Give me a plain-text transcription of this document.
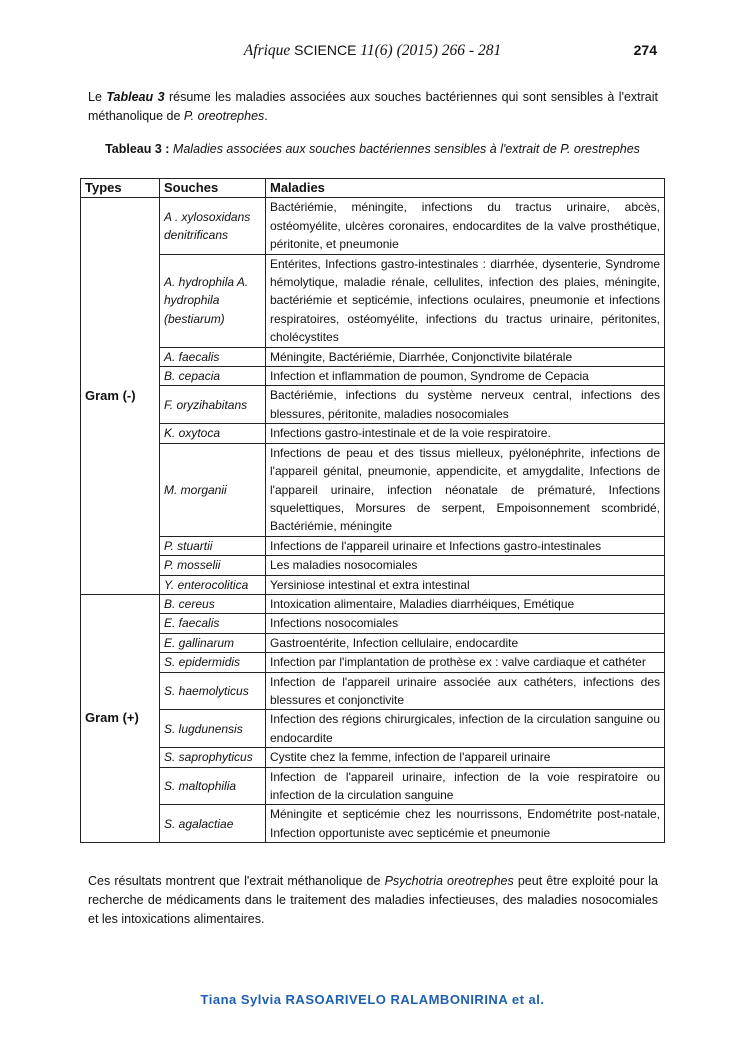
Afrique SCIENCE 11(6) (2015) 266 - 281	274

Le Tableau 3 résume les maladies associées aux souches bactériennes qui sont sensibles à l'extrait méthanolique de P. oreotrephes.

Tableau 3 : Maladies associées aux souches bactériennes sensibles à l'extrait de P. orestrephes
Types	Souches	Maladies
Gram (-)	A . xylosoxidans denitrificans	Bactériémie, méningite, infections du tractus urinaire, abcès, ostéomyélite, ulcères coronaires, endocardites de la valve prosthétique, péritonite, et pneumonie
	A. hydrophila A. hydrophila (bestiarum)	Entérites, Infections gastro-intestinales : diarrhée, dysenterie, Syndrome hémolytique, maladie rénale, cellulites, infection des plaies, méningite, bactériémie et septicémie, infections oculaires, pneumonie et infections respiratoires, ostéomyélite, infections du tractus urinaire, péritonites, cholécystites
	A. faecalis	Méningite, Bactériémie, Diarrhée, Conjonctivite bilatérale
	B. cepacia	Infection et inflammation de poumon, Syndrome de Cepacia
	F. oryzihabitans	Bactériémie, infections du système nerveux central, infections des blessures, péritonite, maladies nosocomiales
	K. oxytoca	Infections gastro-intestinale et de la voie respiratoire.
	M. morganii	Infections de peau et des tissus mielleux, pyélonéphrite, infections de l'appareil génital, pneumonie, appendicite, et amygdalite, Infections de l'appareil urinaire, infection néonatale de prématuré, Infections squelettiques, Morsures de serpent, Empoisonnement scombridé, Bactériémie, méningite
	P. stuartii	Infections de l'appareil urinaire et Infections gastro-intestinales
	P. mosselii	Les maladies nosocomiales
	Y. enterocolitica	Yersiniose intestinal et extra intestinal
Gram (+)	B. cereus	Intoxication alimentaire, Maladies diarrhéiques, Emétique
	E. faecalis	Infections nosocomiales
	E. gallinarum	Gastroentérite, Infection cellulaire, endocardite
	S. epidermidis	Infection par l'implantation de prothèse ex : valve cardiaque et cathéter
	S. haemolyticus	Infection de l'appareil urinaire associée aux cathéters, infections des blessures et conjonctivite
	S. lugdunensis	Infection des régions chirurgicales, infection de la circulation sanguine ou endocardite
	S. saprophyticus	Cystite chez la femme, infection de l'appareil urinaire
	S. maltophilia	Infection de l'appareil urinaire, infection de la voie respiratoire ou infection de la circulation sanguine
	S. agalactiae	Méningite et septicémie chez les nourrissons, Endométrite post-natale, Infection opportuniste avec septicémie et pneumonie

Ces résultats montrent que l'extrait méthanolique de Psychotria oreotrephes peut être exploité pour la recherche de médicaments dans le traitement des maladies infectieuses, des maladies nosocomiales et les intoxications alimentaires.

Tiana Sylvia RASOARIVELO RALAMBONIRINA et al.
